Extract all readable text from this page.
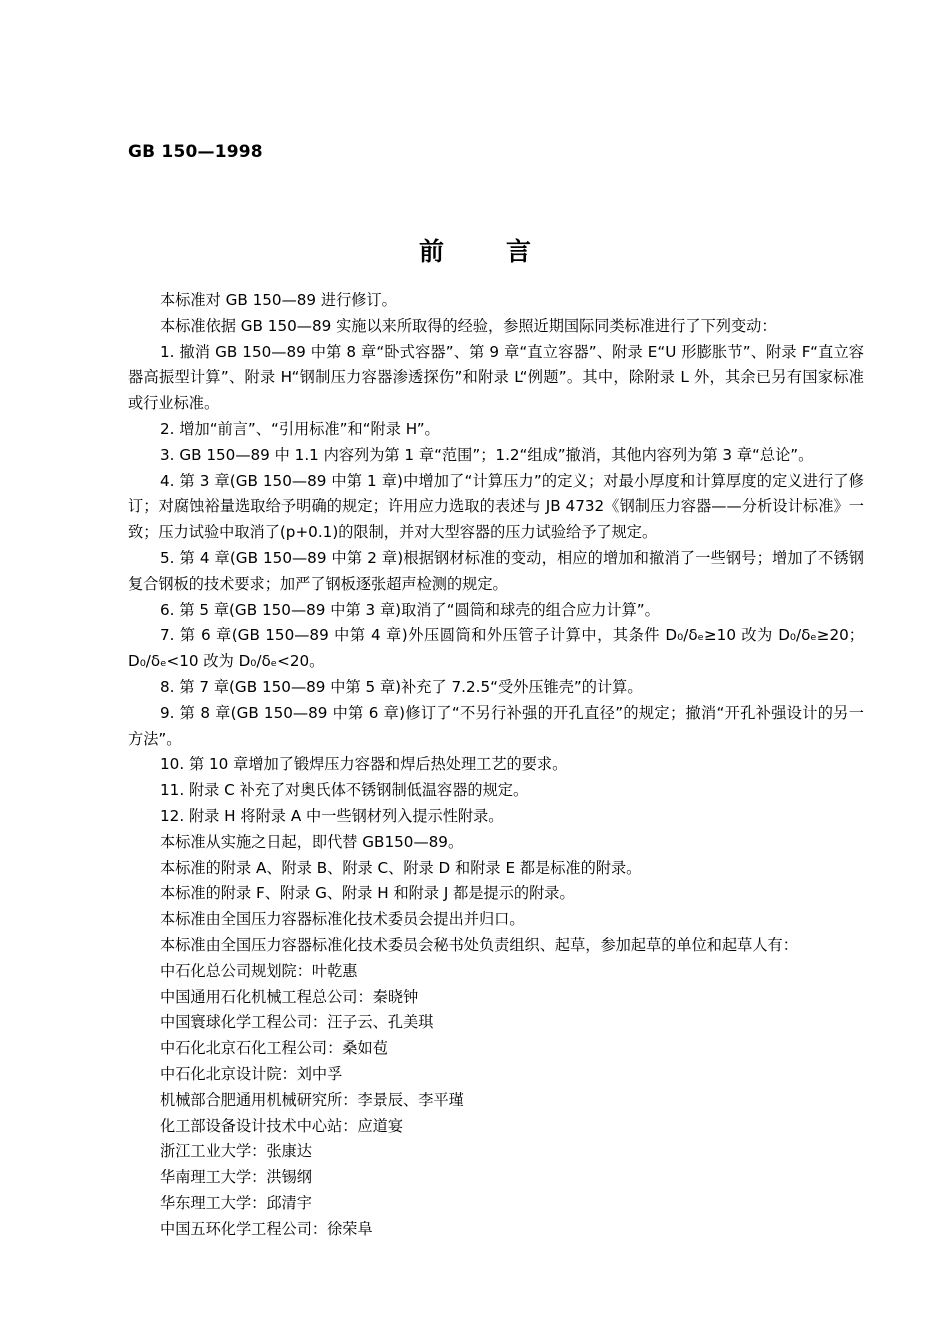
GB 150—1998
前 言

本标准对 GB 150—89 进行修订。

本标准依据 GB 150—89 实施以来所取得的经验，参照近期国际同类标准进行了下列变动：

1. 撤消 GB 150—89 中第 8 章“卧式容器”、第 9 章“直立容器”、附录 E“U 形膨胀节”、附录 F“直立容器高振型计算”、附录 H“钢制压力容器渗透探伤”和附录 L“例题”。其中，除附录 L 外，其余已另有国家标准或行业标准。

2. 增加“前言”、“引用标准”和“附录 H”。

3. GB 150—89 中 1.1 内容列为第 1 章“范围”；1.2“组成”撤消，其他内容列为第 3 章“总论”。

4. 第 3 章(GB 150—89 中第 1 章)中增加了“计算压力”的定义；对最小厚度和计算厚度的定义进行了修订；对腐蚀裕量选取给予明确的规定；许用应力选取的表述与 JB 4732《钢制压力容器——分析设计标准》一致；压力试验中取消了(p+0.1)的限制，并对大型容器的压力试验给予了规定。

5. 第 4 章(GB 150—89 中第 2 章)根据钢材标准的变动，相应的增加和撤消了一些钢号；增加了不锈钢复合钢板的技术要求；加严了钢板逐张超声检测的规定。

6. 第 5 章(GB 150—89 中第 3 章)取消了“圆筒和球壳的组合应力计算”。

7. 第 6 章(GB 150—89 中第 4 章)外压圆筒和外压管子计算中，其条件 D₀/δₑ≥10 改为 D₀/δₑ≥20；D₀/δₑ<10 改为 D₀/δₑ<20。

8. 第 7 章(GB 150—89 中第 5 章)补充了 7.2.5“受外压锥壳”的计算。

9. 第 8 章(GB 150—89 中第 6 章)修订了“不另行补强的开孔直径”的规定；撤消“开孔补强设计的另一方法”。

10. 第 10 章增加了锻焊压力容器和焊后热处理工艺的要求。

11. 附录 C 补充了对奥氏体不锈钢制低温容器的规定。

12. 附录 H 将附录 A 中一些钢材列入提示性附录。

本标准从实施之日起，即代替 GB150—89。

本标准的附录 A、附录 B、附录 C、附录 D 和附录 E 都是标准的附录。

本标准的附录 F、附录 G、附录 H 和附录 J 都是提示的附录。

本标准由全国压力容器标准化技术委员会提出并归口。

本标准由全国压力容器标准化技术委员会秘书处负责组织、起草，参加起草的单位和起草人有：

中石化总公司规划院：叶乾惠

中国通用石化机械工程总公司：秦晓钟

中国寰球化学工程公司：汪子云、孔美琪

中石化北京石化工程公司：桑如苞

中石化北京设计院：刘中孚

机械部合肥通用机械研究所：李景辰、李平瑾

化工部设备设计技术中心站：应道宴

浙江工业大学：张康达

华南理工大学：洪锡纲

华东理工大学：邱清宇

中国五环化学工程公司：徐荣阜
